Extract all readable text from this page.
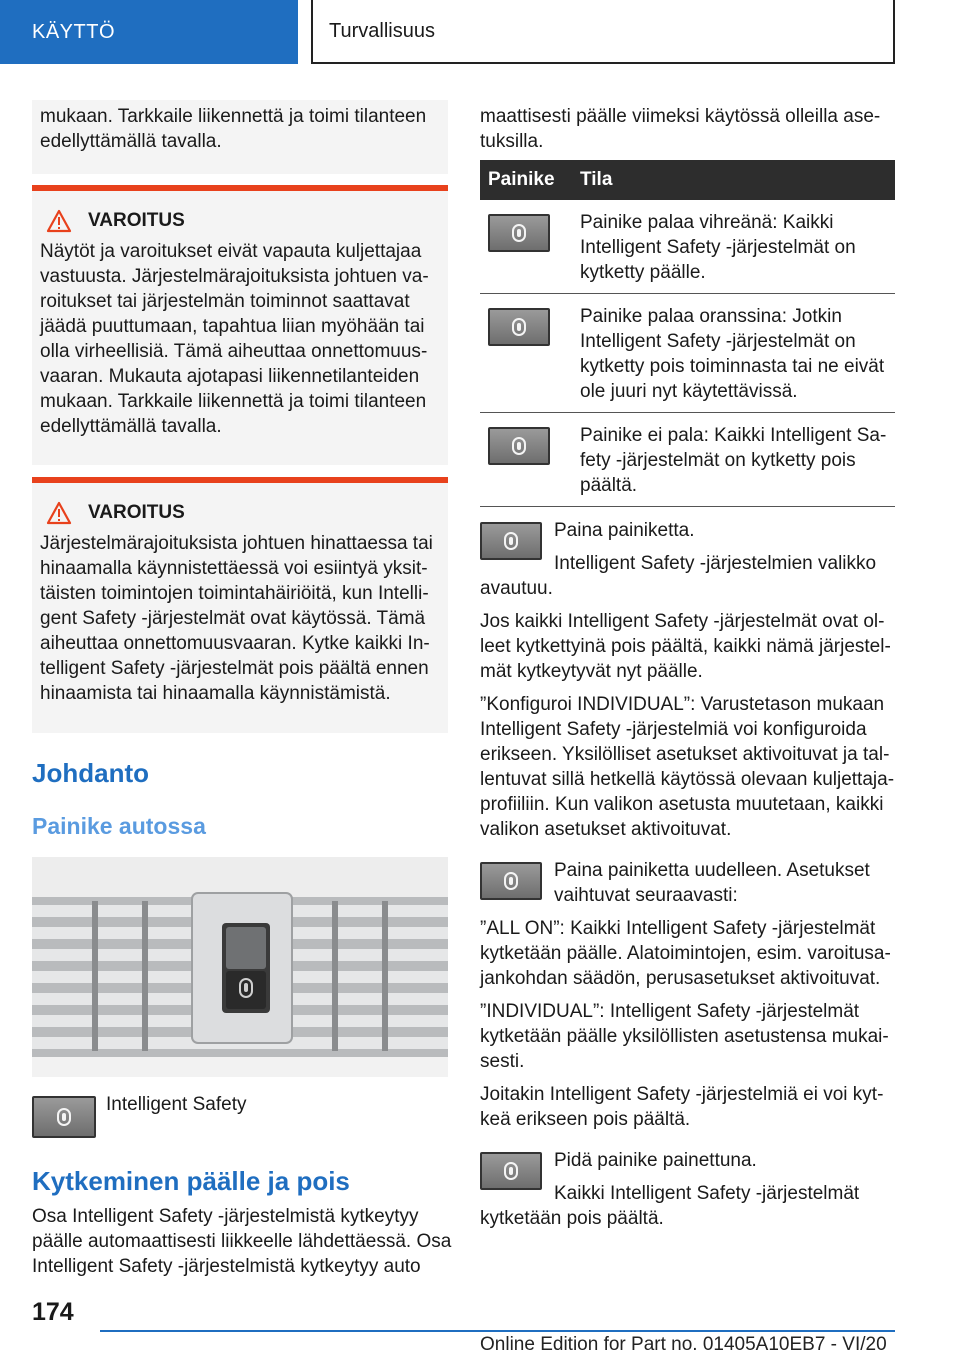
KÄYTTÖ	Turvallisuus

mukaan. Tarkkaile liikennettä ja toimi tilanteen edellyttämällä tavalla.

VAROITUS

Näytöt ja varoitukset eivät vapauta kuljettajaa vastuusta. Järjestelmärajoituksista johtuen varoitukset tai järjestelmän toiminnot saattavat jäädä puuttumaan, tapahtua liian myöhään tai olla virheellisiä. Tämä aiheuttaa onnettomuusvaaran. Mukauta ajotapasi liikennetilanteiden mukaan. Tarkkaile liikennettä ja toimi tilanteen edellyttämällä tavalla.

VAROITUS

Järjestelmärajoituksista johtuen hinattaessa tai hinaamalla käynnistettäessä voi esiintyä yksittäisten toimintojen toimintahäiriöitä, kun Intelligent Safety -järjestelmät ovat käytössä. Tämä aiheuttaa onnettomuusvaaran. Kytke kaikki Intelligent Safety -järjestelmät pois päältä ennen hinaamista tai hinaamalla käynnistämistä.

Johdanto
Painike autossa
Intelligent Safety
Kytkeminen päälle ja pois

Osa Intelligent Safety -järjestelmistä kytkeytyy päälle automaattisesti liikkeelle lähdettäessä. Osa Intelligent Safety -järjestelmistä kytkeytyy auto

maattisesti päälle viimeksi käytössä olleilla asetuksilla.

Painike	Tila

	Painike palaa vihreänä: Kaikki Intelligent Safety -järjestelmät on kytketty päälle.

	Painike palaa oranssina: Jotkin Intelligent Safety -järjestelmät on kytketty pois toiminnasta tai ne eivät ole juuri nyt käytettävissä.

	Painike ei pala: Kaikki Intelligent Safety -järjestelmät on kytketty pois päältä.

Paina painiketta.

Intelligent Safety -järjestelmien valikko avautuu.

Jos kaikki Intelligent Safety -järjestelmät ovat olleet kytkettyinä pois päältä, kaikki nämä järjestelmät kytkeytyvät nyt päälle.

”Konfiguroi INDIVIDUAL”: Varustetason mukaan Intelligent Safety -järjestelmiä voi konfiguroida erikseen. Yksilölliset asetukset aktivoituvat ja tallentuvat sillä hetkellä käytössä olevaan kuljettajaprofiiliin. Kun valikon asetusta muutetaan, kaikki valikon asetukset aktivoituvat.

Paina painiketta uudelleen. Asetukset vaihtuvat seuraavasti:

”ALL ON”: Kaikki Intelligent Safety -järjestelmät kytketään päälle. Alatoimintojen, esim. varoitusajankohdan säädön, perusasetukset aktivoituvat.

”INDIVIDUAL”: Intelligent Safety -järjestelmät kytketään päälle yksilöllisten asetustensa mukaisesti.

Joitakin Intelligent Safety -järjestelmiä ei voi kytkeä erikseen pois päältä.

Pidä painike painettuna.

Kaikki Intelligent Safety -järjestelmät kytketään pois päältä.

174
Online Edition for Part no. 01405A10EB7 - VI/20
